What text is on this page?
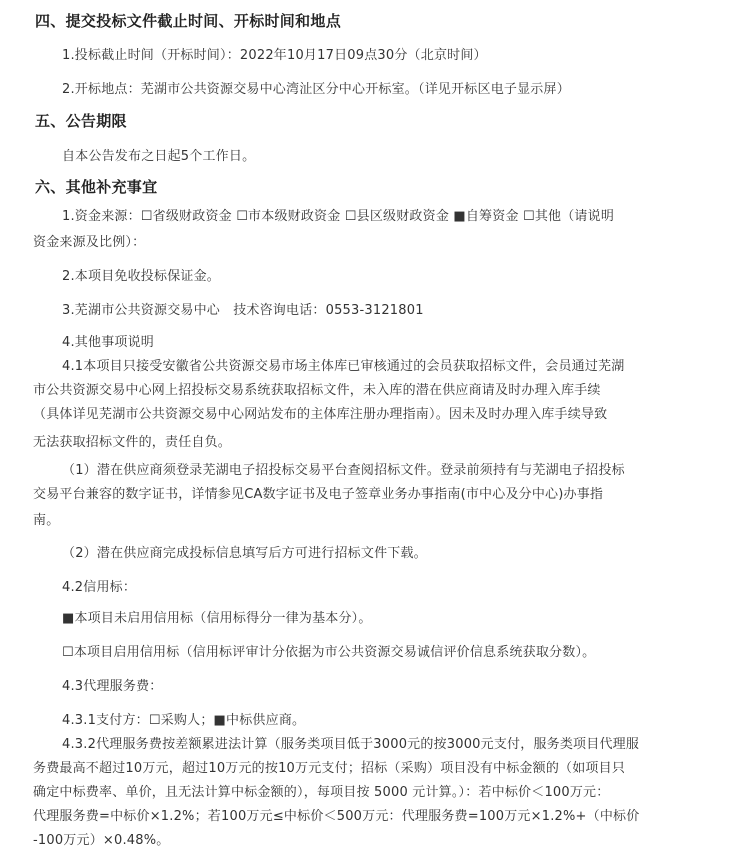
四、提交投标文件截止时间、开标时间和地点
1.投标截止时间（开标时间）：2022年10月17日09点30分（北京时间）
2.开标地点：芜湖市公共资源交易中心湾沚区分中心开标室。（详见开标区电子显示屏）
五、公告期限
自本公告发布之日起5个工作日。
六、其他补充事宜
1.资金来源：☐省级财政资金 ☐市本级财政资金 ☐县区级财政资金 ■自筹资金 ☐其他（请说明
资金来源及比例）：
2.本项目免收投标保证金。
3.芜湖市公共资源交易中心　技术咨询电话：0553-3121801
4.其他事项说明
4.1本项目只接受安徽省公共资源交易市场主体库已审核通过的会员获取招标文件，会员通过芜湖
市公共资源交易中心网上招投标交易系统获取招标文件，未入库的潜在供应商请及时办理入库手续
（具体详见芜湖市公共资源交易中心网站发布的主体库注册办理指南）。因未及时办理入库手续导致
无法获取招标文件的，责任自负。
（1）潜在供应商须登录芜湖电子招投标交易平台查阅招标文件。登录前须持有与芜湖电子招投标
交易平台兼容的数字证书，详情参见CA数字证书及电子签章业务办事指南(市中心及分中心)办事指
南。
（2）潜在供应商完成投标信息填写后方可进行招标文件下载。
4.2信用标：
■本项目未启用信用标（信用标得分一律为基本分）。
☐本项目启用信用标（信用标评审计分依据为市公共资源交易诚信评价信息系统获取分数）。
4.3代理服务费：
4.3.1支付方：☐采购人；■中标供应商。
4.3.2代理服务费按差额累进法计算（服务类项目低于3000元的按3000元支付，服务类项目代理服
务费最高不超过10万元，超过10万元的按10万元支付；招标（采购）项目没有中标金额的（如项目只
确定中标费率、单价，且无法计算中标金额的），每项目按 5000 元计算。）：若中标价＜100万元：
代理服务费=中标价×1.2%；若100万元≤中标价＜500万元：代理服务费=100万元×1.2%+（中标价
-100万元）×0.48%。
